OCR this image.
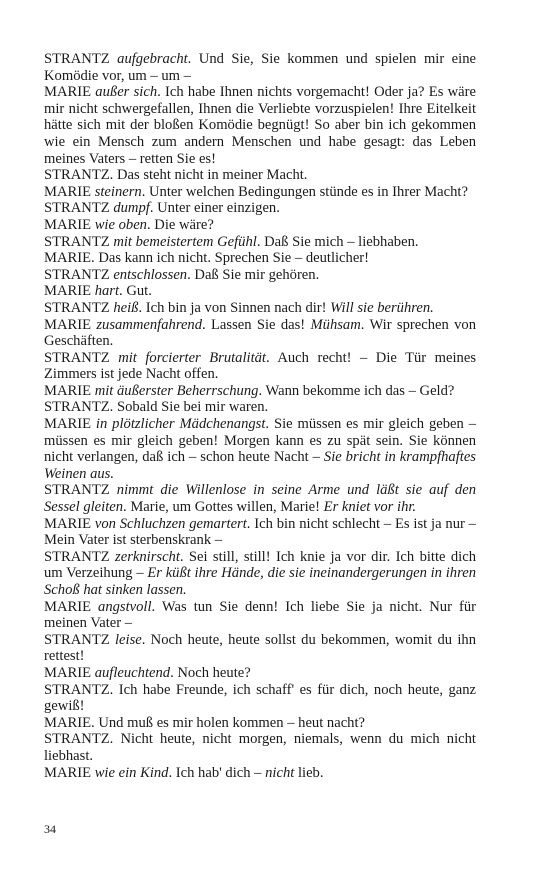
STRANTZ aufgebracht. Und Sie, Sie kommen und spielen mir eine Komödie vor, um – um –

MARIE außer sich. Ich habe Ihnen nichts vorgemacht! Oder ja? Es wäre mir nicht schwergefallen, Ihnen die Verliebte vorzuspielen! Ihre Eitelkeit hätte sich mit der bloßen Komödie begnügt! So aber bin ich gekommen wie ein Mensch zum andern Menschen und habe gesagt: das Leben meines Vaters – retten Sie es!

STRANTZ. Das steht nicht in meiner Macht.

MARIE steinern. Unter welchen Bedingungen stünde es in Ihrer Macht?

STRANTZ dumpf. Unter einer einzigen.

MARIE wie oben. Die wäre?

STRANTZ mit bemeistertem Gefühl. Daß Sie mich – liebhaben.

MARIE. Das kann ich nicht. Sprechen Sie – deutlicher!

STRANTZ entschlossen. Daß Sie mir gehören.

MARIE hart. Gut.

STRANTZ heiß. Ich bin ja von Sinnen nach dir! Will sie berühren.

MARIE zusammenfahrend. Lassen Sie das! Mühsam. Wir sprechen von Geschäften.

STRANTZ mit forcierter Brutalität. Auch recht! – Die Tür meines Zimmers ist jede Nacht offen.

MARIE mit äußerster Beherrschung. Wann bekomme ich das – Geld?

STRANTZ. Sobald Sie bei mir waren.

MARIE in plötzlicher Mädchenangst. Sie müssen es mir gleich geben – müssen es mir gleich geben! Morgen kann es zu spät sein. Sie können nicht verlangen, daß ich – schon heute Nacht – Sie bricht in krampfhaftes Weinen aus.

STRANTZ nimmt die Willenlose in seine Arme und läßt sie auf den Sessel gleiten. Marie, um Gottes willen, Marie! Er kniet vor ihr.

MARIE von Schluchzen gemartert. Ich bin nicht schlecht – Es ist ja nur – Mein Vater ist sterbenskrank –

STRANTZ zerknirscht. Sei still, still! Ich knie ja vor dir. Ich bitte dich um Verzeihung – Er küßt ihre Hände, die sie ineinandergerungen in ihren Schoß hat sinken lassen.

MARIE angstvoll. Was tun Sie denn! Ich liebe Sie ja nicht. Nur für meinen Vater –

STRANTZ leise. Noch heute, heute sollst du bekommen, womit du ihn rettest!

MARIE aufleuchtend. Noch heute?

STRANTZ. Ich habe Freunde, ich schaff' es für dich, noch heute, ganz gewiß!

MARIE. Und muß es mir holen kommen – heut nacht?

STRANTZ. Nicht heute, nicht morgen, niemals, wenn du mich nicht liebhast.

MARIE wie ein Kind. Ich hab' dich – nicht lieb.

34
